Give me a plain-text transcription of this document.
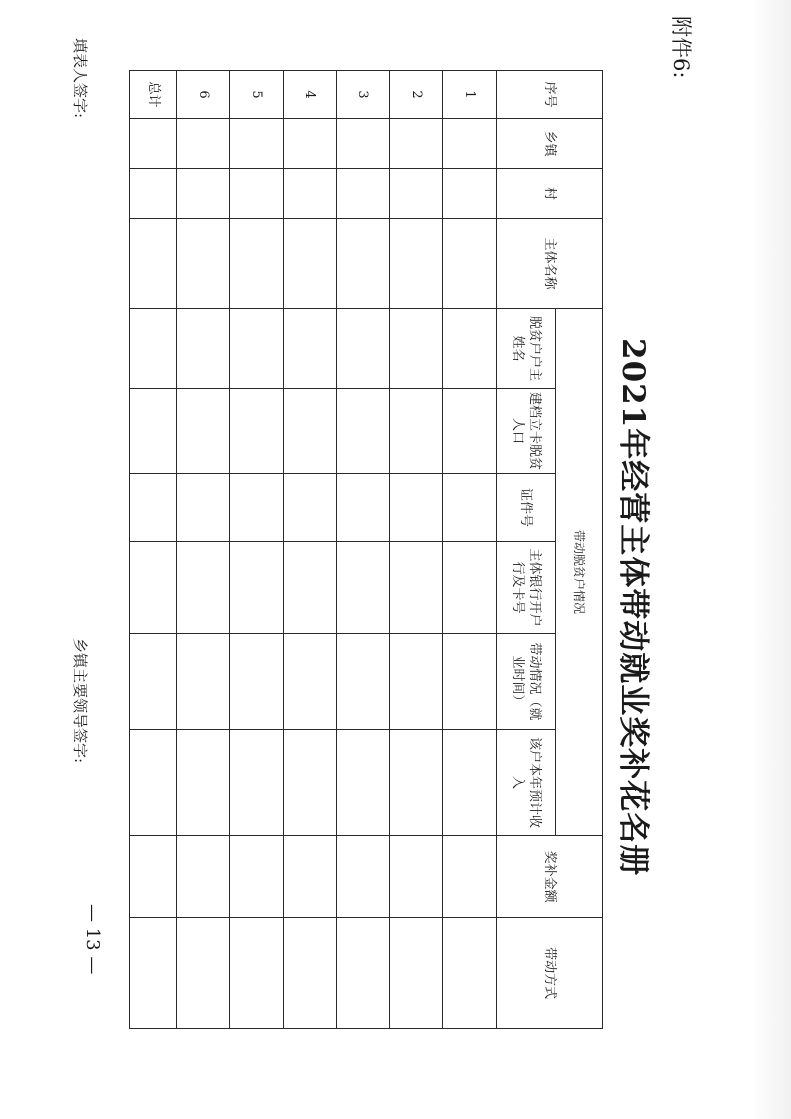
附件6:
2021年经营主体带动就业奖补花名册
序号	乡镇	村	主体名称	带动脱贫户情况						奖补金额	带动方式
				脱贫户户主姓名	建档立卡脱贫人口	证件号	主体银行开户行及卡号	带动情况（就业时间）	该户本年预计收入		
1											
2											
3											
4											
5											
6											
总计											
填表人签字:
乡镇主要领导签字:
— 13 —
